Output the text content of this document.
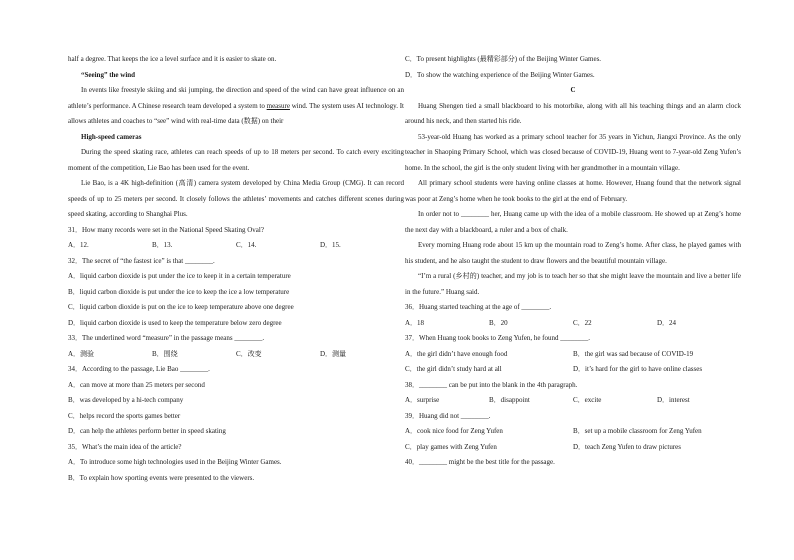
half a degree. That keeps the ice a level surface and it is easier to skate on.

“Seeing” the wind

In events like freestyle skiing and ski jumping, the direction and speed of the wind can have great influence on an athlete’s performance. A Chinese research team developed a system to measure wind. The system uses AI technology. It allows athletes and coaches to “see” wind with real-time data (数据) on their

High-speed cameras

During the speed skating race, athletes can reach speeds of up to 18 meters per second. To catch every exciting moment of the competition, Lie Bao has been used for the event.

Lie Bao, is a 4K high-definition (高清) camera system developed by China Media Group (CMG). It can record speeds of up to 25 meters per second. It closely follows the athletes’ movements and catches different scenes during speed skating, according to Shanghai Plus.

31．How many records were set in the National Speed Skating Oval?

A．12.	B．13.	C．14.	D．15.

32．The secret of “the fastest ice” is that ________.

A．liquid carbon dioxide is put under the ice to keep it in a certain temperature

B．liquid carbon dioxide is put under the ice to keep the ice a low temperature

C．liquid carbon dioxide is put on the ice to keep temperature above one degree

D．liquid carbon dioxide is used to keep the temperature below zero degree

33．The underlined word “measure” in the passage means ________.

A．测验	B．围绕	C．改变	D．测量

34．According to the passage, Lie Bao ________.

A．can move at more than 25 meters per second

B．was developed by a hi-tech company

C．helps record the sports games better

D．can help the athletes perform better in speed skating

35．What’s the main idea of the article?

A．To introduce some high technologies used in the Beijing Winter Games.

B．To explain how sporting events were presented to the viewers.

C．To present highlights (最精彩部分) of the Beijing Winter Games.

D．To show the watching experience of the Beijing Winter Games.

C

Huang Shengen tied a small blackboard to his motorbike, along with all his teaching things and an alarm clock around his neck, and then started his ride.

53-year-old Huang has worked as a primary school teacher for 35 years in Yichun, Jiangxi Province. As the only teacher in Shaoping Primary School, which was closed because of COVID-19, Huang went to 7-year-old Zeng Yufen’s home. In the school, the girl is the only student living with her grandmother in a mountain village.

All primary school students were having online classes at home. However, Huang found that the network signal was poor at Zeng’s home when he took books to the girl at the end of February.

In order not to ________ her, Huang came up with the idea of a mobile classroom. He showed up at Zeng’s home the next day with a blackboard, a ruler and a box of chalk.

Every morning Huang rode about 15 km up the mountain road to Zeng’s home. After class, he played games with his student, and he also taught the student to draw flowers and the beautiful mountain village.

“I’m a rural (乡村的) teacher, and my job is to teach her so that she might leave the mountain and live a better life in the future.” Huang said.

36．Huang started teaching at the age of ________.

A．18	B．20	C．22	D．24

37．When Huang took books to Zeng Yufen, he found ________.

A．the girl didn’t have enough food	B．the girl was sad because of COVID-19
C．the girl didn’t study hard at all	D．it’s hard for the girl to have online classes

38．________ can be put into the blank in the 4th paragraph.

A．surprise	B．disappoint	C．excite	D．interest

39．Huang did not ________.

A．cook nice food for Zeng Yufen	B．set up a mobile classroom for Zeng Yufen
C．play games with Zeng Yufen	D．teach Zeng Yufen to draw pictures

40．________ might be the best title for the passage.
